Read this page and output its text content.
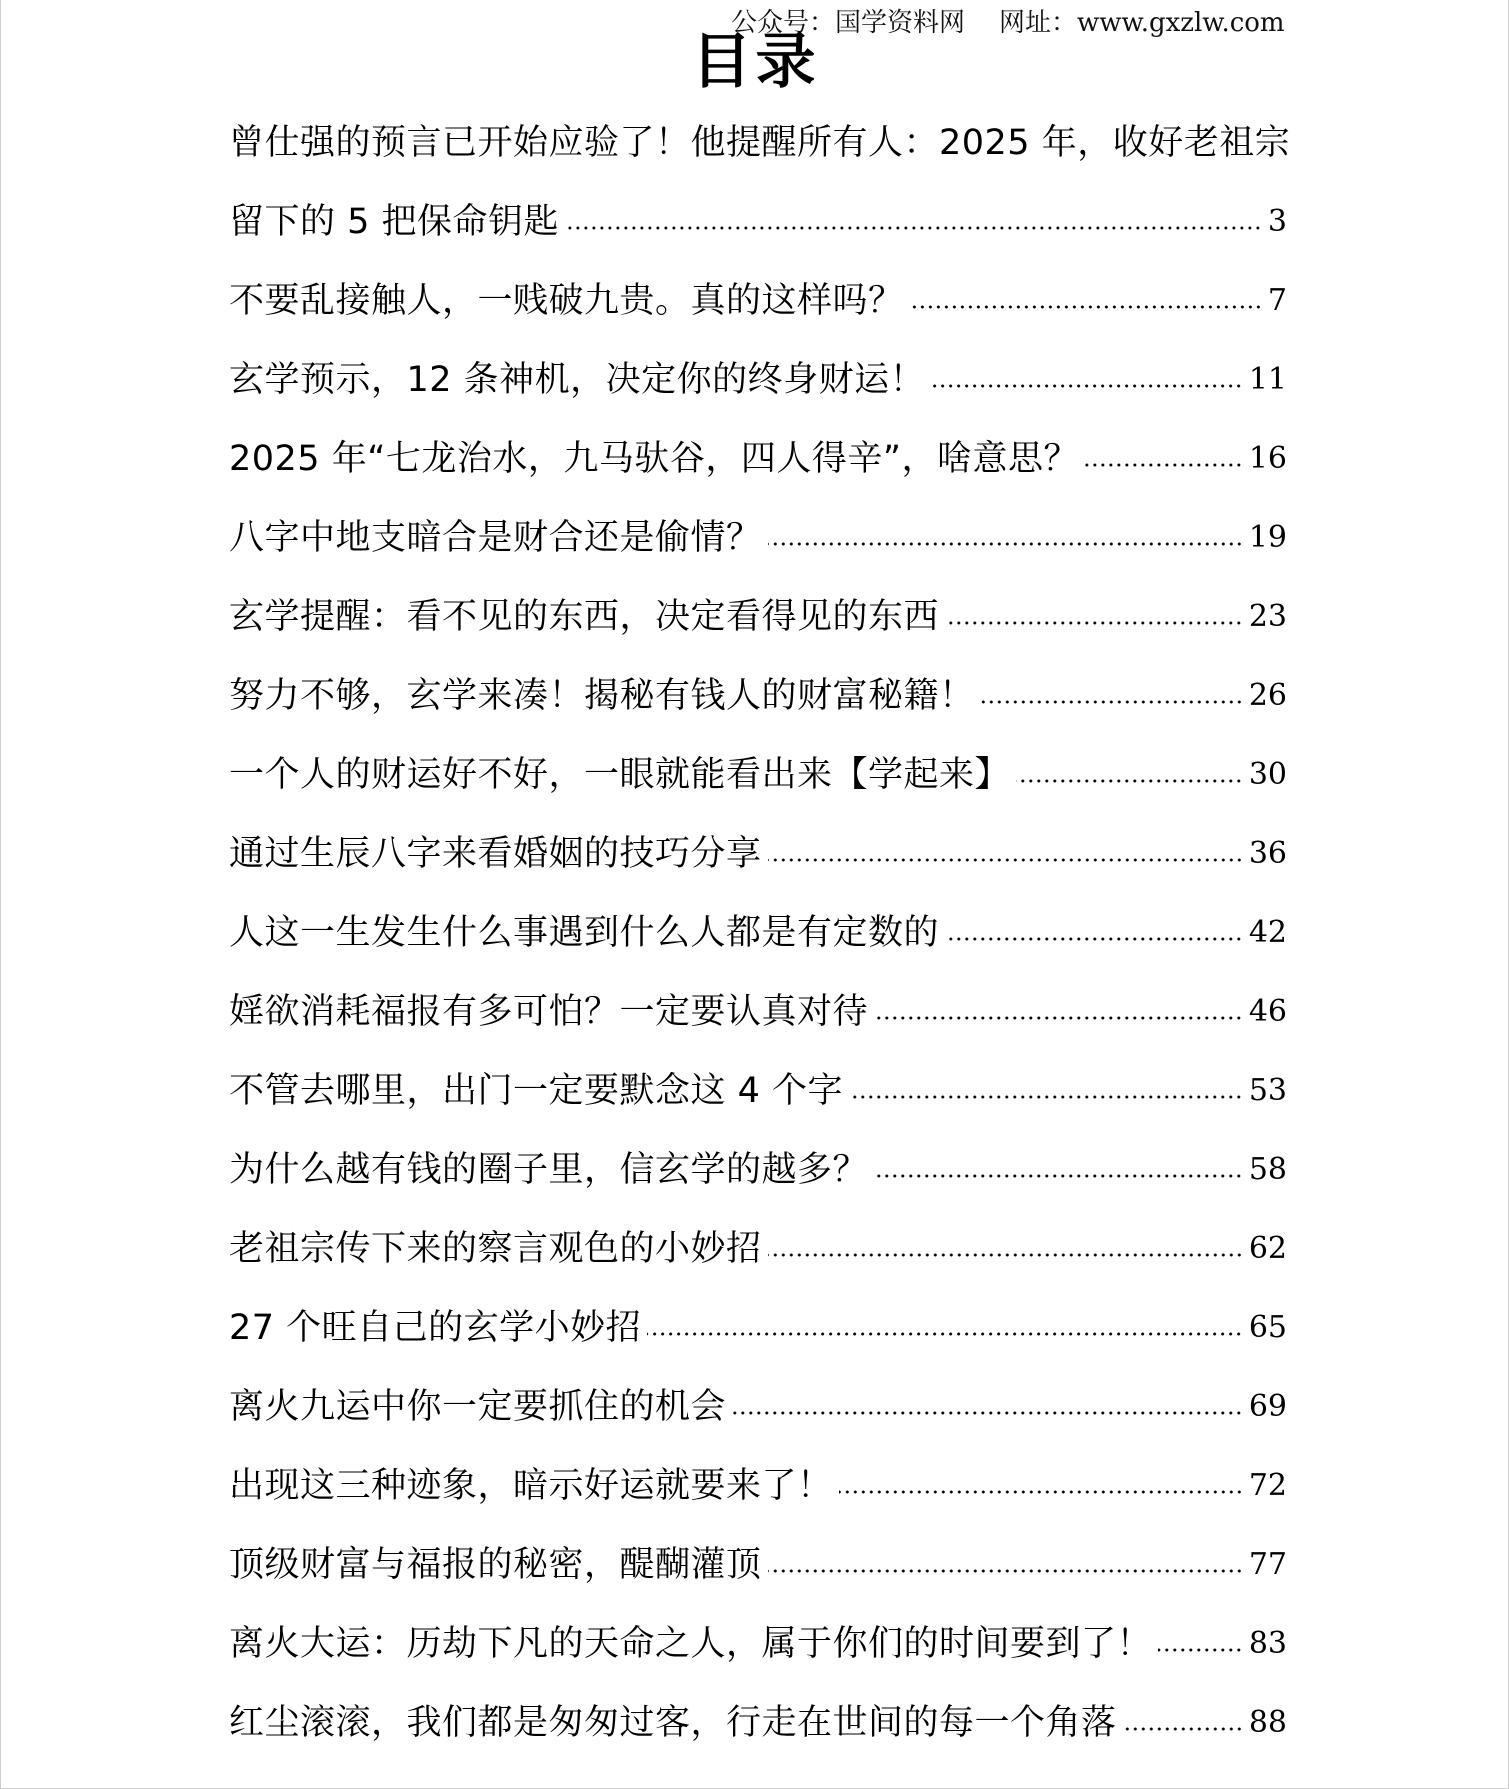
公众号：国学资料网 网址：www.gxzlw.com
目录
曾仕强的预言已开始应验了！他提醒所有人：2025 年，收好老祖宗
留下的 5 把保命钥匙	3
不要乱接触人，一贱破九贵。真的这样吗？	7
玄学预示，12 条神机，决定你的终身财运！	11
2025 年“七龙治水，九马驮谷，四人得辛”，啥意思？	16
八字中地支暗合是财合还是偷情？	19
玄学提醒：看不见的东西，决定看得见的东西	23
努力不够，玄学来凑！揭秘有钱人的财富秘籍！	26
一个人的财运好不好，一眼就能看出来【学起来】	30
通过生辰八字来看婚姻的技巧分享	36
人这一生发生什么事遇到什么人都是有定数的	42
婬欲消耗福报有多可怕？一定要认真对待	46
不管去哪里，出门一定要默念这 4 个字	53
为什么越有钱的圈子里，信玄学的越多？	58
老祖宗传下来的察言观色的小妙招	62
27 个旺自己的玄学小妙招	65
离火九运中你一定要抓住的机会	69
出现这三种迹象，暗示好运就要来了！	72
顶级财富与福报的秘密，醍醐灌顶	77
离火大运：历劫下凡的天命之人，属于你们的时间要到了！	83
红尘滚滚，我们都是匆匆过客，行走在世间的每一个角落	88
